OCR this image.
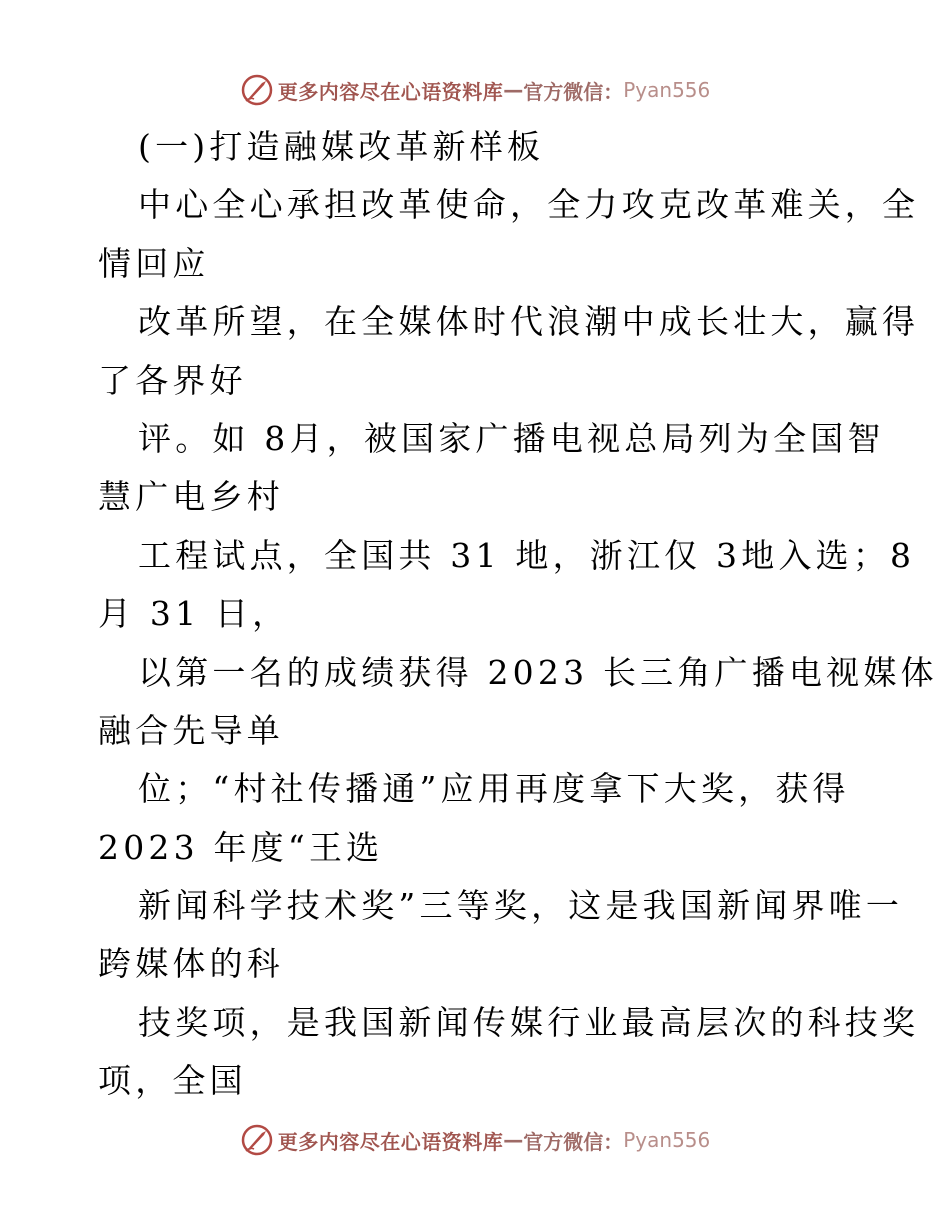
更多内容尽在心语资料库 — 官方微信： Pyan556
(一)打造融媒改革新样板
中心全心承担改革使命，全力攻克改革难关，全
情回应
改革所望，在全媒体时代浪潮中成长壮大，赢得
了各界好
评。如 8月，被国家广播电视总局列为全国智
慧广电乡村
工程试点，全国共 31 地，浙江仅 3地入选；8
月 31 日，
以第一名的成绩获得 2023 长三角广播电视媒体
融合先导单
位；“村社传播通”应用再度拿下大奖，获得
2023 年度“王选
新闻科学技术奖”三等奖，这是我国新闻界唯一
跨媒体的科
技奖项，是我国新闻传媒行业最高层次的科技奖
项，全国
更多内容尽在心语资料库 — 官方微信： Pyan556
